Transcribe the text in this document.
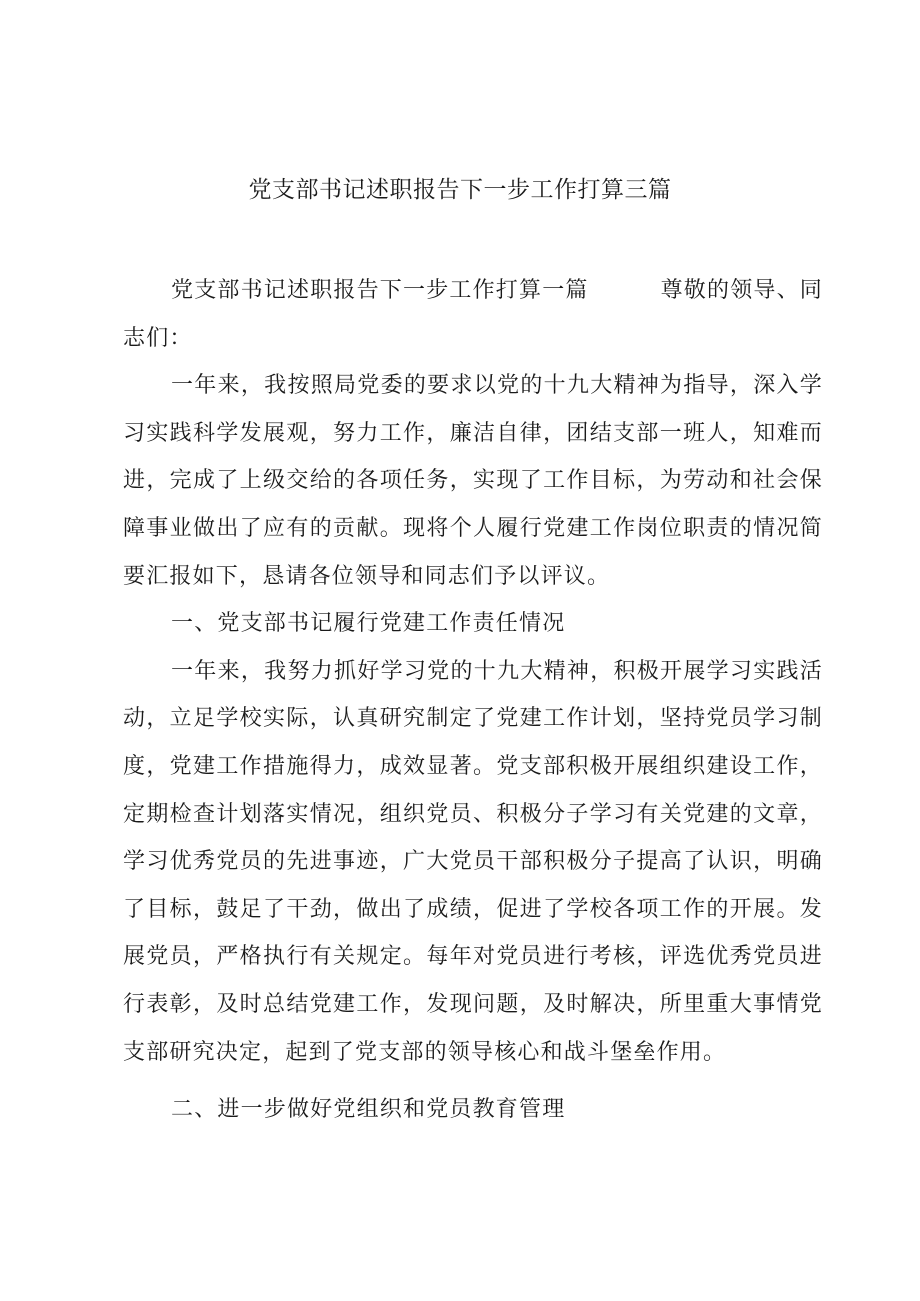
党支部书记述职报告下一步工作打算三篇

党支部书记述职报告下一步工作打算一篇	尊敬的领导、同志们：

一年来，我按照局党委的要求以党的十九大精神为指导，深入学习实践科学发展观，努力工作，廉洁自律，团结支部一班人，知难而进，完成了上级交给的各项任务，实现了工作目标，为劳动和社会保障事业做出了应有的贡献。现将个人履行党建工作岗位职责的情况简要汇报如下，恳请各位领导和同志们予以评议。

一、党支部书记履行党建工作责任情况

一年来，我努力抓好学习党的十九大精神，积极开展学习实践活动，立足学校实际，认真研究制定了党建工作计划，坚持党员学习制度，党建工作措施得力，成效显著。党支部积极开展组织建设工作，定期检查计划落实情况，组织党员、积极分子学习有关党建的文章，学习优秀党员的先进事迹，广大党员干部积极分子提高了认识，明确了目标，鼓足了干劲，做出了成绩，促进了学校各项工作的开展。发展党员，严格执行有关规定。每年对党员进行考核，评选优秀党员进行表彰，及时总结党建工作，发现问题，及时解决，所里重大事情党支部研究决定，起到了党支部的领导核心和战斗堡垒作用。

二、进一步做好党组织和党员教育管理
